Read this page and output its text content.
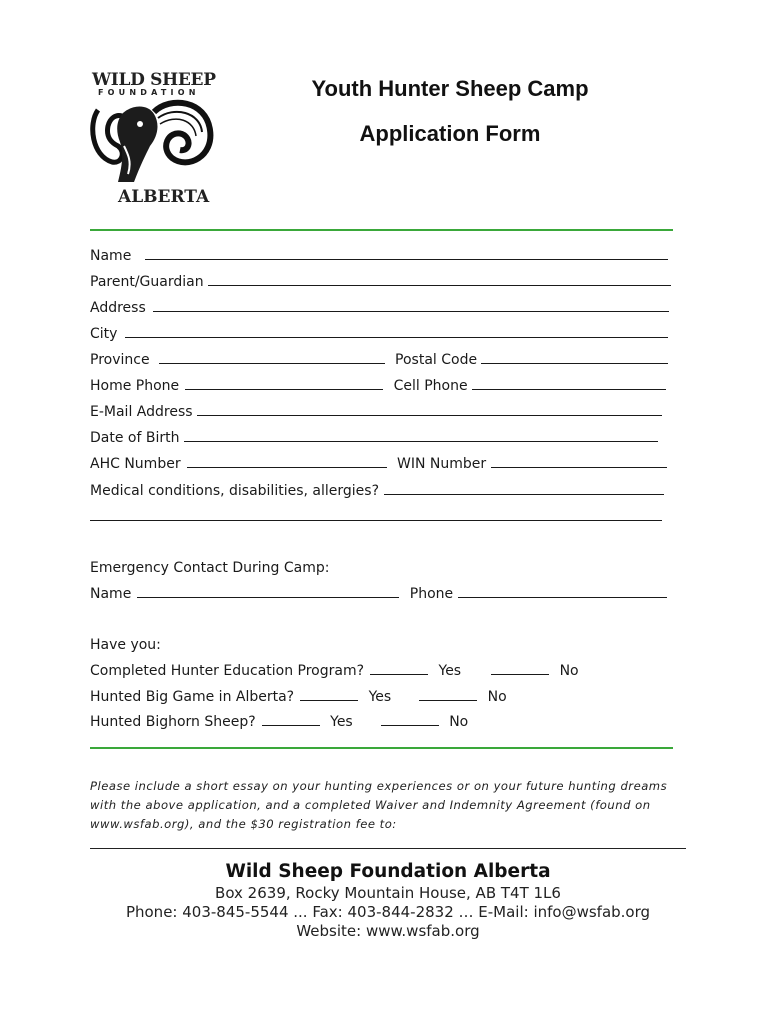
WILD SHEEP
FOUNDATION
ALBERTA
Youth Hunter Sheep Camp
Application Form
Name
Parent/Guardian
Address
City
Province	Postal Code
Home Phone	Cell Phone
E-Mail Address
Date of Birth
AHC Number	WIN Number
Medical conditions, disabilities, allergies?
Emergency Contact During Camp:
Name	Phone
Have you:
Completed Hunter Education Program?	Yes	No
Hunted Big Game in Alberta?	Yes	No
Hunted Bighorn Sheep?	Yes	No
Please include a short essay on your hunting experiences or on your future hunting dreams
with the above application, and a completed Waiver and Indemnity Agreement (found on
www.wsfab.org), and the $30 registration fee to:
Wild Sheep Foundation Alberta
Box 2639, Rocky Mountain House, AB T4T 1L6
Phone: 403-845-5544 ... Fax: 403-844-2832 … E-Mail: info@wsfab.org
Website: www.wsfab.org
